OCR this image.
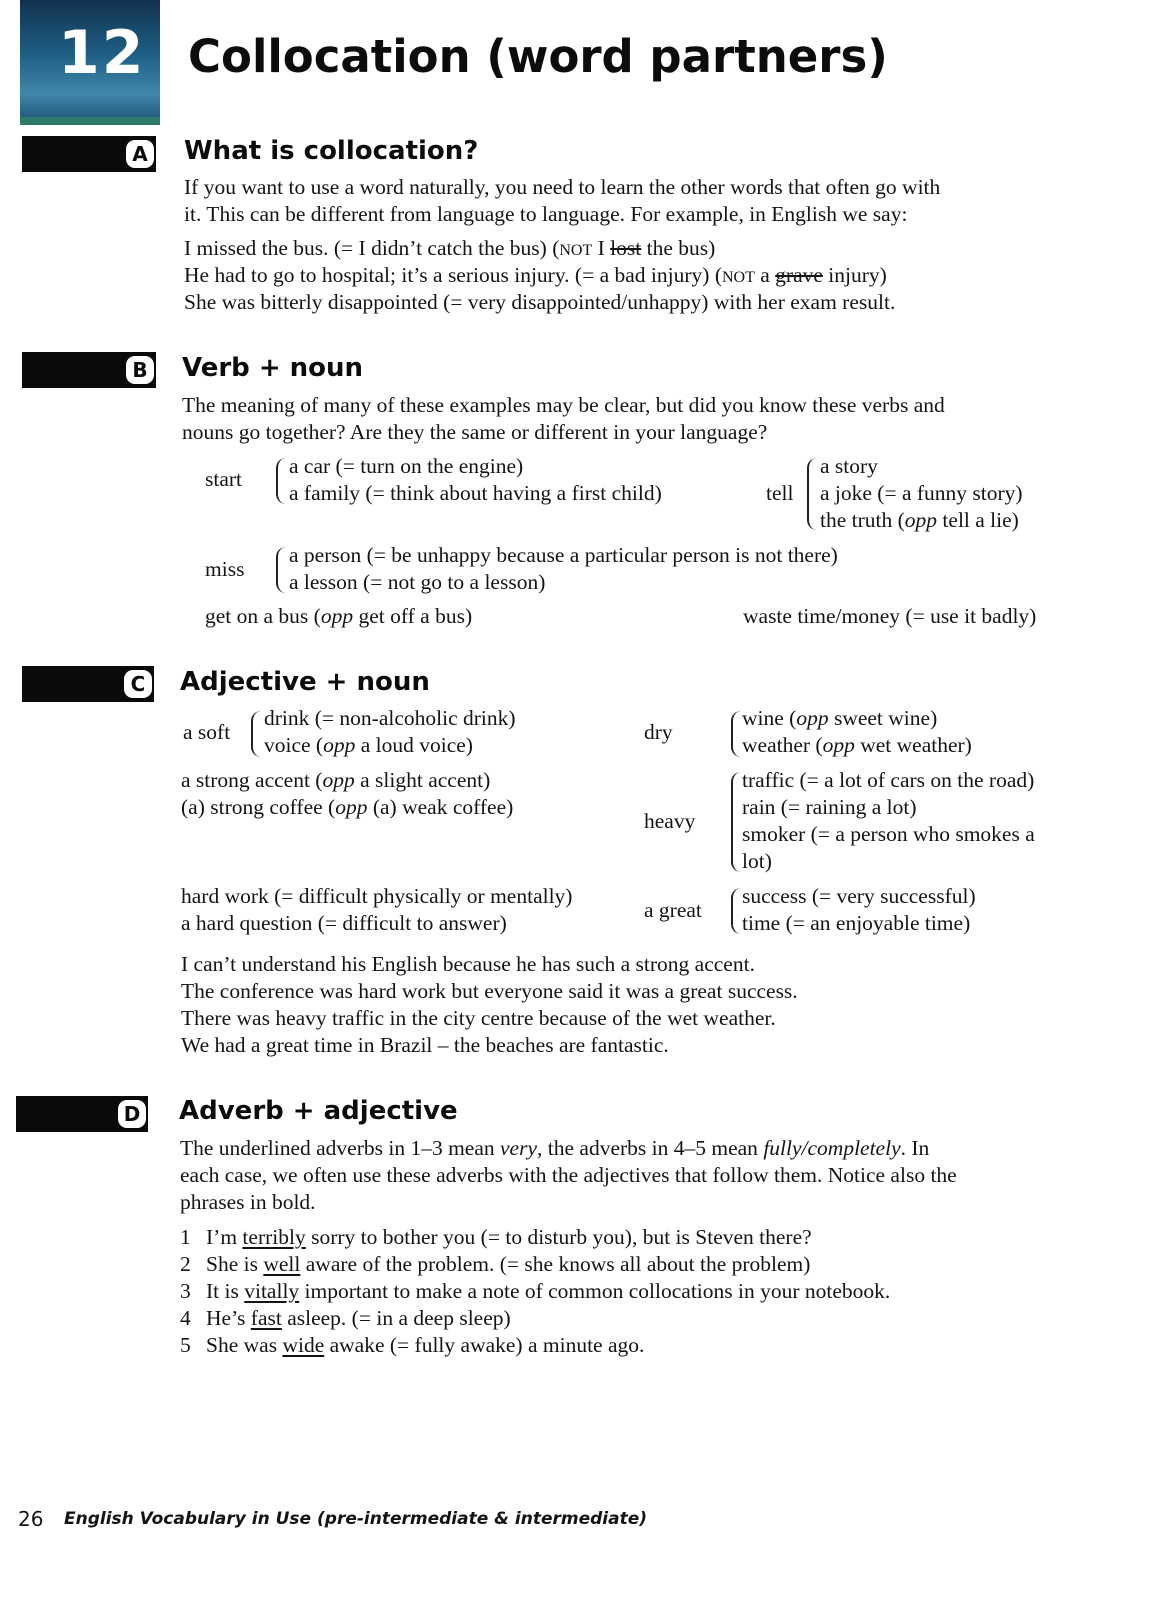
12 Collocation (word partners)
A What is collocation?
If you want to use a word naturally, you need to learn the other words that often go with
it. This can be different from language to language. For example, in English we say:
I missed the bus. (= I didn’t catch the bus) (NOT I lost the bus)
He had to go to hospital; it’s a serious injury. (= a bad injury) (NOT a grave injury)
She was bitterly disappointed (= very disappointed/unhappy) with her exam result.
B Verb + noun
The meaning of many of these examples may be clear, but did you know these verbs and
nouns go together? Are they the same or different in your language?
start
a car (= turn on the engine)
a family (= think about having a first child)	tell
a story
a joke (= a funny story)
the truth (opp tell a lie)
miss
a person (= be unhappy because a particular person is not there)
a lesson (= not go to a lesson)
get on a bus (opp get off a bus)	waste time/money (= use it badly)
C Adjective + noun
a soft
drink (= non-alcoholic drink)
voice (opp a loud voice)
dry
wine (opp sweet wine)
weather (opp wet weather)
a strong accent (opp a slight accent)
(a) strong coffee (opp (a) weak coffee)
heavy
traffic (= a lot of cars on the road)
rain (= raining a lot)
smoker (= a person who smokes a
lot)
hard work (= difficult physically or mentally)
a hard question (= difficult to answer)
a great
success (= very successful)
time (= an enjoyable time)
I can’t understand his English because he has such a strong accent.
The conference was hard work but everyone said it was a great success.
There was heavy traffic in the city centre because of the wet weather.
We had a great time in Brazil – the beaches are fantastic.
D Adverb + adjective
The underlined adverbs in 1–3 mean very, the adverbs in 4–5 mean fully/completely. In
each case, we often use these adverbs with the adjectives that follow them. Notice also the
phrases in bold.
1 I’m terribly sorry to bother you (= to disturb you), but is Steven there?
2 She is well aware of the problem. (= she knows all about the problem)
3 It is vitally important to make a note of common collocations in your notebook.
4 He’s fast asleep. (= in a deep sleep)
5 She was wide awake (= fully awake) a minute ago.
26 English Vocabulary in Use (pre-intermediate & intermediate)
